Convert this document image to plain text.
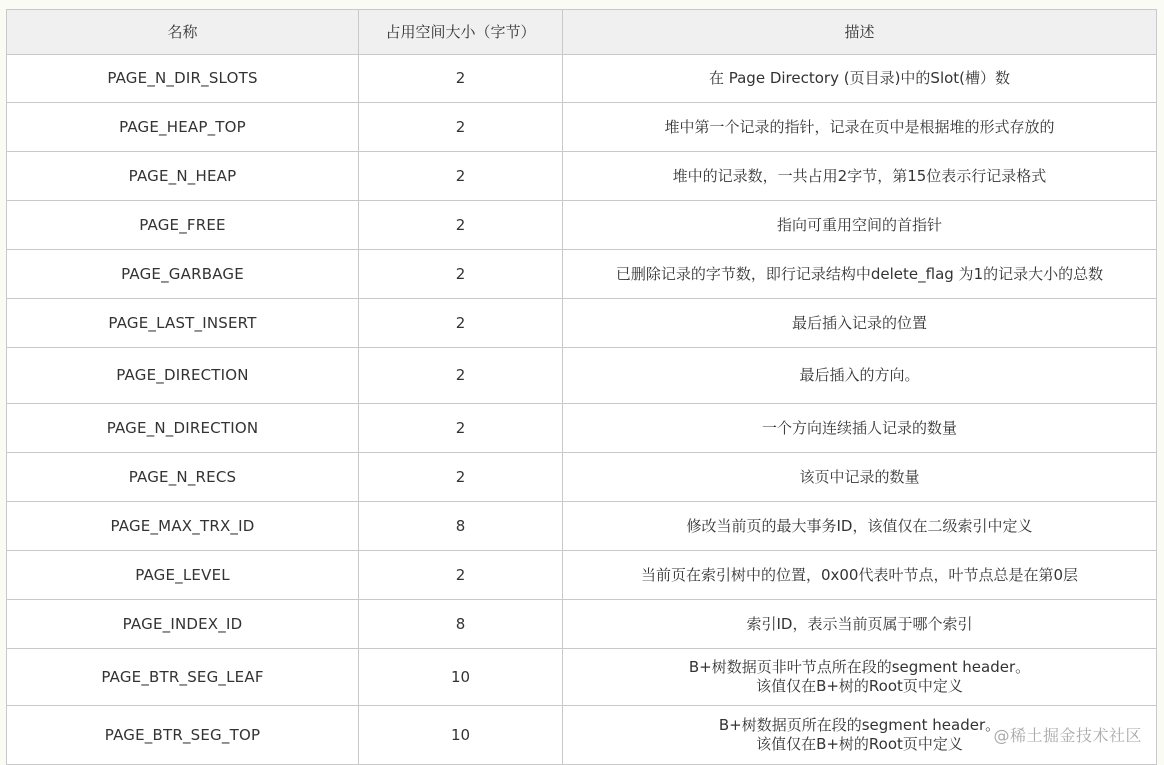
名称	占用空间大小（字节）	描述
PAGE_N_DIR_SLOTS	2	在 Page Directory (页目录)中的Slot(槽）数

PAGE_HEAP_TOP	2	堆中第一个记录的指针，记录在页中是根据堆的形式存放的

PAGE_N_HEAP	2	堆中的记录数，一共占用2字节，第15位表示行记录格式

PAGE_FREE	2	指向可重用空间的首指针

PAGE_GARBAGE	2	已删除记录的字节数，即行记录结构中delete_flag 为1的记录大小的总数

PAGE_LAST_INSERT	2	最后插入记录的位置

PAGE_DIRECTION	2	最后插入的方向。

PAGE_N_DIRECTION	2	一个方向连续插人记录的数量

PAGE_N_RECS	2	该页中记录的数量

PAGE_MAX_TRX_ID	8	修改当前页的最大事务ID，该值仅在二级索引中定义

PAGE_LEVEL	2	当前页在索引树中的位置，0x00代表叶节点，叶节点总是在第0层

PAGE_INDEX_ID	8	索引ID，表示当前页属于哪个索引

PAGE_BTR_SEG_LEAF	10	B+树数据页非叶节点所在段的segment header。
该值仅在B+树的Root页中定义

PAGE_BTR_SEG_TOP	10	B+树数据页所在段的segment header。
该值仅在B+树的Root页中定义	@稀土掘金技术社区
